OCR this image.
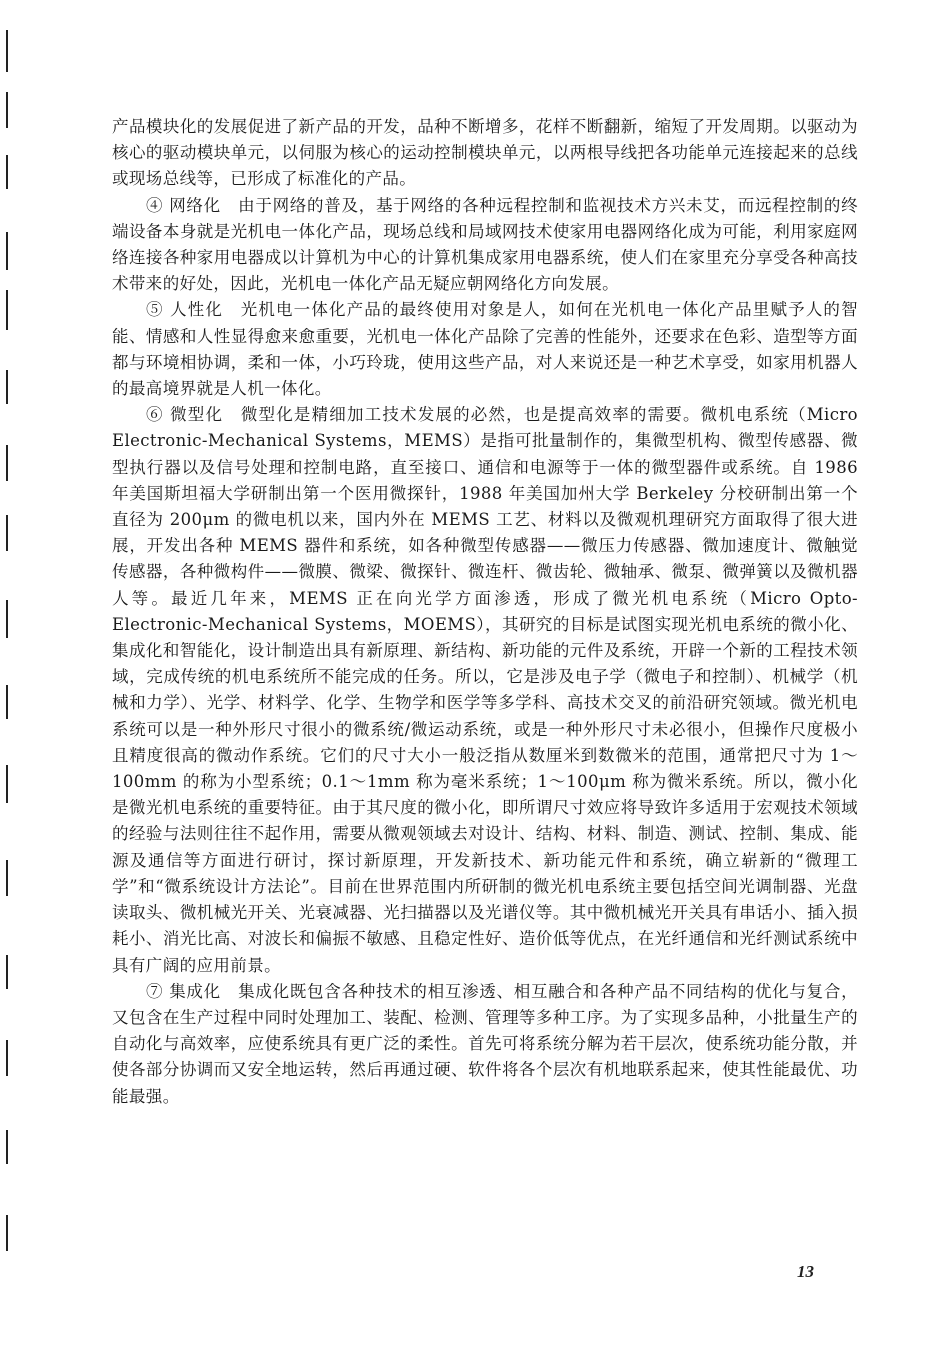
产品模块化的发展促进了新产品的开发，品种不断增多，花样不断翻新，缩短了开发周期。以驱动为核心的驱动模块单元，以伺服为核心的运动控制模块单元，以两根导线把各功能单元连接起来的总线或现场总线等，已形成了标准化的产品。

④ 网络化　由于网络的普及，基于网络的各种远程控制和监视技术方兴未艾，而远程控制的终端设备本身就是光机电一体化产品，现场总线和局域网技术使家用电器网络化成为可能，利用家庭网络连接各种家用电器成以计算机为中心的计算机集成家用电器系统，使人们在家里充分享受各种高技术带来的好处，因此，光机电一体化产品无疑应朝网络化方向发展。

⑤ 人性化　光机电一体化产品的最终使用对象是人，如何在光机电一体化产品里赋予人的智能、情感和人性显得愈来愈重要，光机电一体化产品除了完善的性能外，还要求在色彩、造型等方面都与环境相协调，柔和一体，小巧玲珑，使用这些产品，对人来说还是一种艺术享受，如家用机器人的最高境界就是人机一体化。

⑥ 微型化　微型化是精细加工技术发展的必然，也是提高效率的需要。微机电系统（Micro Electronic-Mechanical Systems，MEMS）是指可批量制作的，集微型机构、微型传感器、微型执行器以及信号处理和控制电路，直至接口、通信和电源等于一体的微型器件或系统。自 1986 年美国斯坦福大学研制出第一个医用微探针，1988 年美国加州大学 Berkeley 分校研制出第一个直径为 200μm 的微电机以来，国内外在 MEMS 工艺、材料以及微观机理研究方面取得了很大进展，开发出各种 MEMS 器件和系统，如各种微型传感器——微压力传感器、微加速度计、微触觉传感器，各种微构件——微膜、微梁、微探针、微连杆、微齿轮、微轴承、微泵、微弹簧以及微机器人等。最近几年来，MEMS 正在向光学方面渗透，形成了微光机电系统（Micro Opto-Electronic-Mechanical Systems，MOEMS），其研究的目标是试图实现光机电系统的微小化、集成化和智能化，设计制造出具有新原理、新结构、新功能的元件及系统，开辟一个新的工程技术领域，完成传统的机电系统所不能完成的任务。所以，它是涉及电子学（微电子和控制）、机械学（机械和力学）、光学、材料学、化学、生物学和医学等多学科、高技术交叉的前沿研究领域。微光机电系统可以是一种外形尺寸很小的微系统/微运动系统，或是一种外形尺寸未必很小，但操作尺度极小且精度很高的微动作系统。它们的尺寸大小一般泛指从数厘米到数微米的范围，通常把尺寸为 1～100mm 的称为小型系统；0.1～1mm 称为毫米系统；1～100μm 称为微米系统。所以，微小化是微光机电系统的重要特征。由于其尺度的微小化，即所谓尺寸效应将导致许多适用于宏观技术领域的经验与法则往往不起作用，需要从微观领域去对设计、结构、材料、制造、测试、控制、集成、能源及通信等方面进行研讨，探讨新原理，开发新技术、新功能元件和系统，确立崭新的“微理工学”和“微系统设计方法论”。目前在世界范围内所研制的微光机电系统主要包括空间光调制器、光盘读取头、微机械光开关、光衰减器、光扫描器以及光谱仪等。其中微机械光开关具有串话小、插入损耗小、消光比高、对波长和偏振不敏感、且稳定性好、造价低等优点，在光纤通信和光纤测试系统中具有广阔的应用前景。

⑦ 集成化　集成化既包含各种技术的相互渗透、相互融合和各种产品不同结构的优化与复合，又包含在生产过程中同时处理加工、装配、检测、管理等多种工序。为了实现多品种，小批量生产的自动化与高效率，应使系统具有更广泛的柔性。首先可将系统分解为若干层次，使系统功能分散，并使各部分协调而又安全地运转，然后再通过硬、软件将各个层次有机地联系起来，使其性能最优、功能最强。

13
